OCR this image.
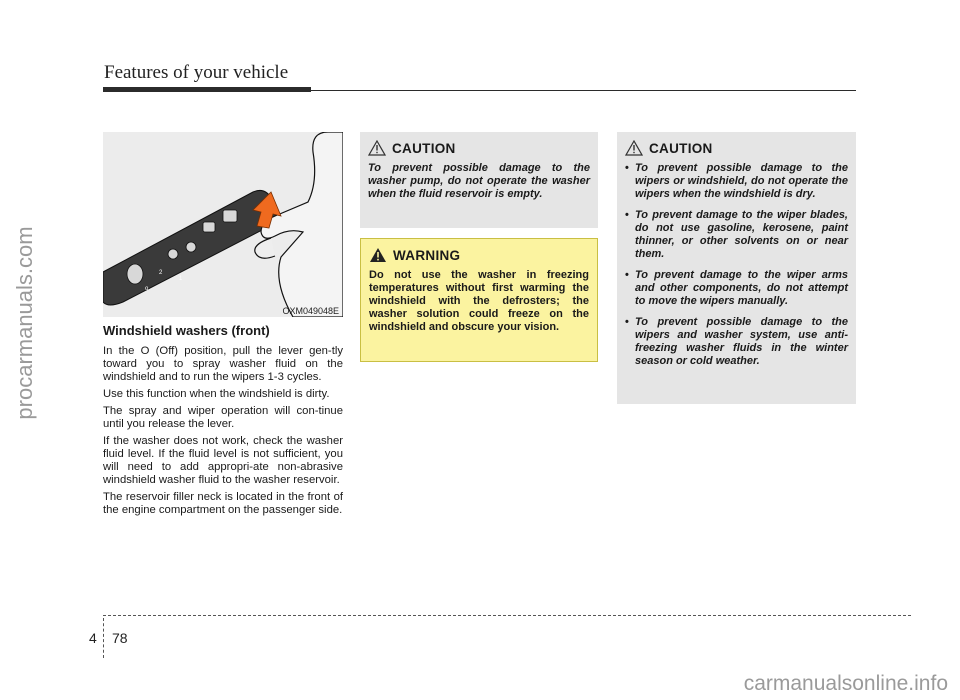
Features of your vehicle
procarmanuals.com	2
1
o
OXM049048E
Windshield washers (front)

In the O (Off) position, pull the lever gen-tly toward you to spray washer fluid on the windshield and to run the wipers 1-3 cycles.

Use this function when the windshield is dirty.

The spray and wiper operation will con-tinue until you release the lever.

If the washer does not work, check the washer fluid level. If the fluid level is not sufficient, you will need to add appropri-ate non-abrasive windshield washer fluid to the washer reservoir.

The reservoir filler neck is located in the front of the engine compartment on the passenger side.

CAUTION

To prevent possible damage to the washer pump, do not operate the washer when the fluid reservoir is empty.

WARNING

Do not use the washer in freezing temperatures without first warming the windshield with the defrosters; the washer solution could freeze on the windshield and obscure your vision.

CAUTION
• To prevent possible damage to the wipers or windshield, do not operate the wipers when the windshield is dry.
• To prevent damage to the wiper blades, do not use gasoline, kerosene, paint thinner, or other solvents on or near them.
• To prevent damage to the wiper arms and other components, do not attempt to move the wipers manually.
• To prevent possible damage to the wipers and washer system, use anti-freezing washer fluids in the winter season or cold weather.
4 78
carmanualsonline.info
